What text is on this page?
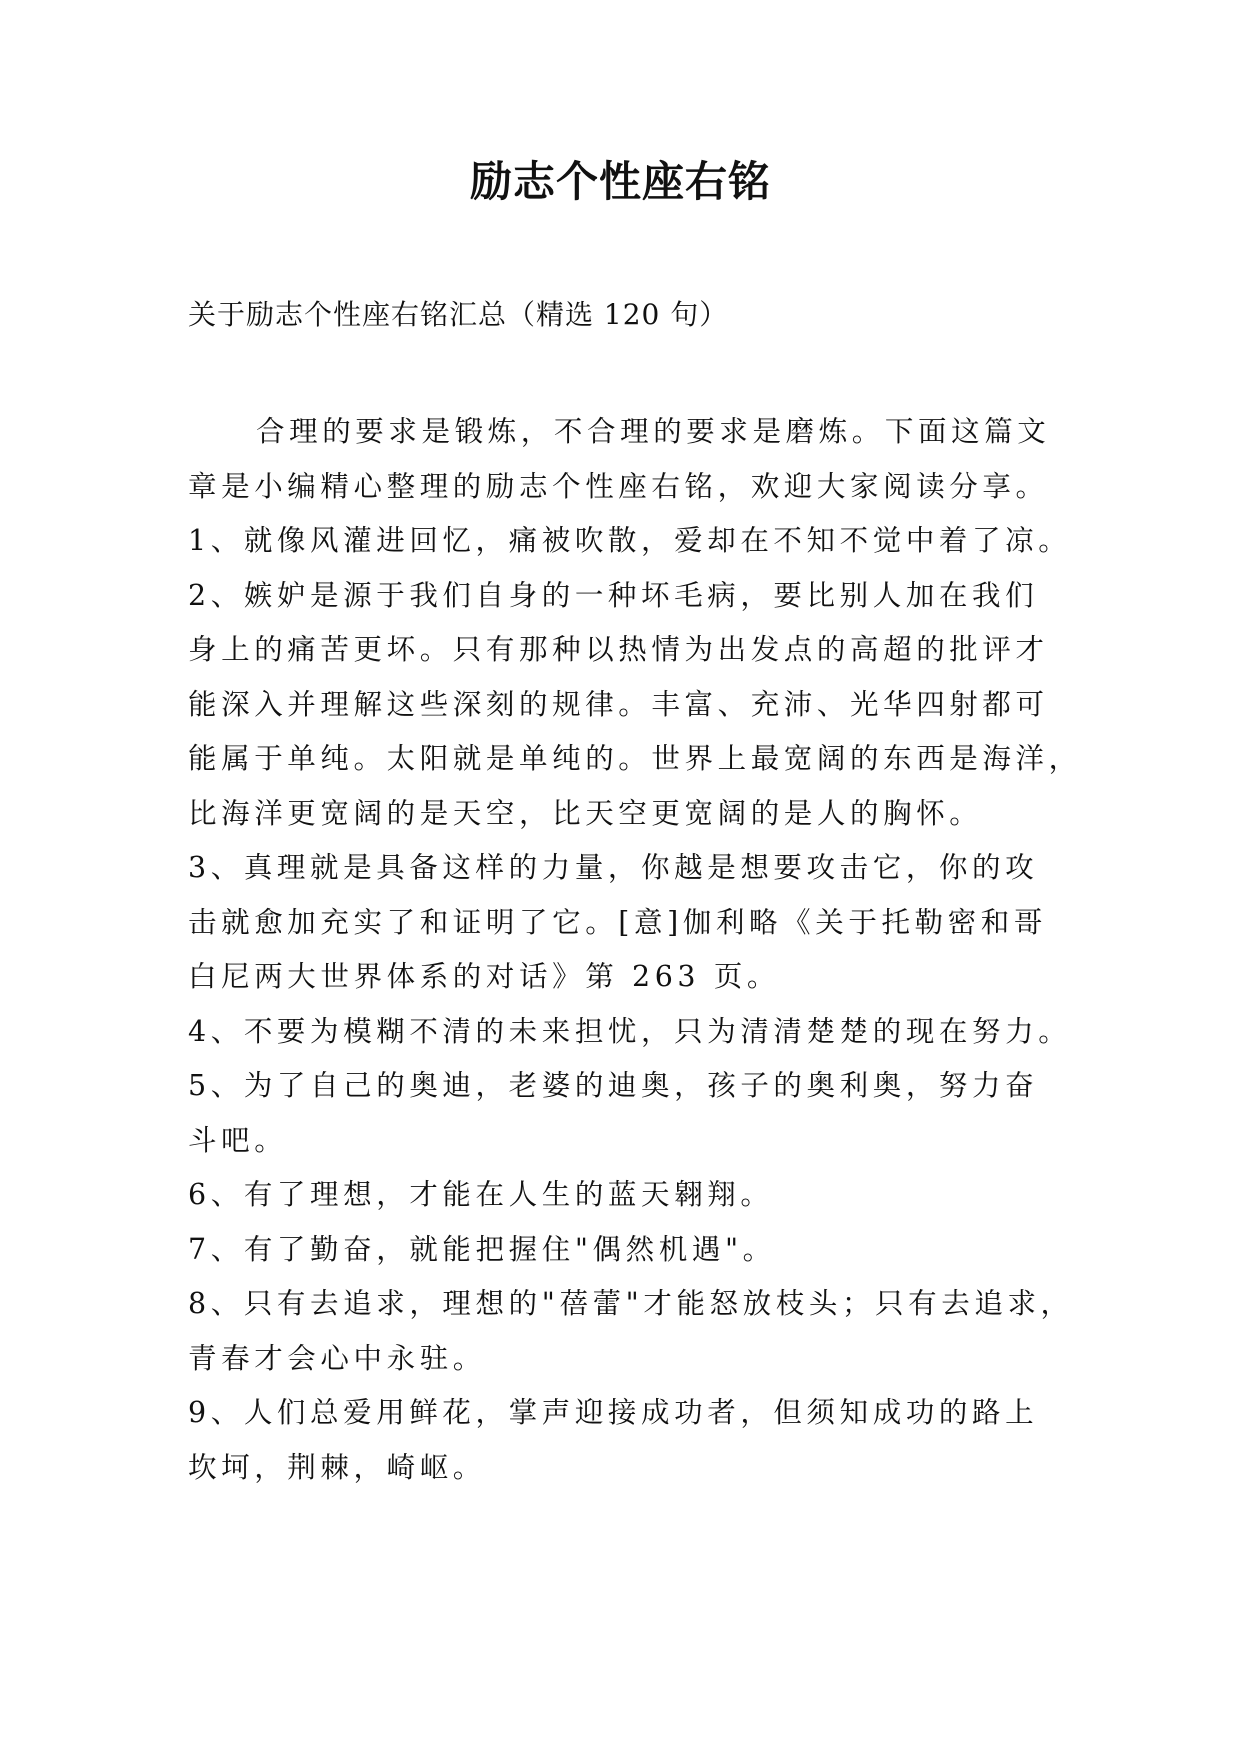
励志个性座右铭
关于励志个性座右铭汇总（精选 120 句）
合理的要求是锻炼，不合理的要求是磨炼。下面这篇文
章是小编精心整理的励志个性座右铭，欢迎大家阅读分享。
1、就像风灌进回忆，痛被吹散，爱却在不知不觉中着了凉。
2、嫉妒是源于我们自身的一种坏毛病，要比别人加在我们
身上的痛苦更坏。只有那种以热情为出发点的高超的批评才
能深入并理解这些深刻的规律。丰富、充沛、光华四射都可
能属于单纯。太阳就是单纯的。世界上最宽阔的东西是海洋，
比海洋更宽阔的是天空，比天空更宽阔的是人的胸怀。
3、真理就是具备这样的力量，你越是想要攻击它，你的攻
击就愈加充实了和证明了它。[意]伽利略《关于托勒密和哥
白尼两大世界体系的对话》第 263 页。
4、不要为模糊不清的未来担忧，只为清清楚楚的现在努力。
5、为了自己的奥迪，老婆的迪奥，孩子的奥利奥，努力奋
斗吧。
6、有了理想，才能在人生的蓝天翱翔。
7、有了勤奋，就能把握住"偶然机遇"。
8、只有去追求，理想的"蓓蕾"才能怒放枝头；只有去追求，
青春才会心中永驻。
9、人们总爱用鲜花，掌声迎接成功者，但须知成功的路上
坎坷，荆棘，崎岖。
